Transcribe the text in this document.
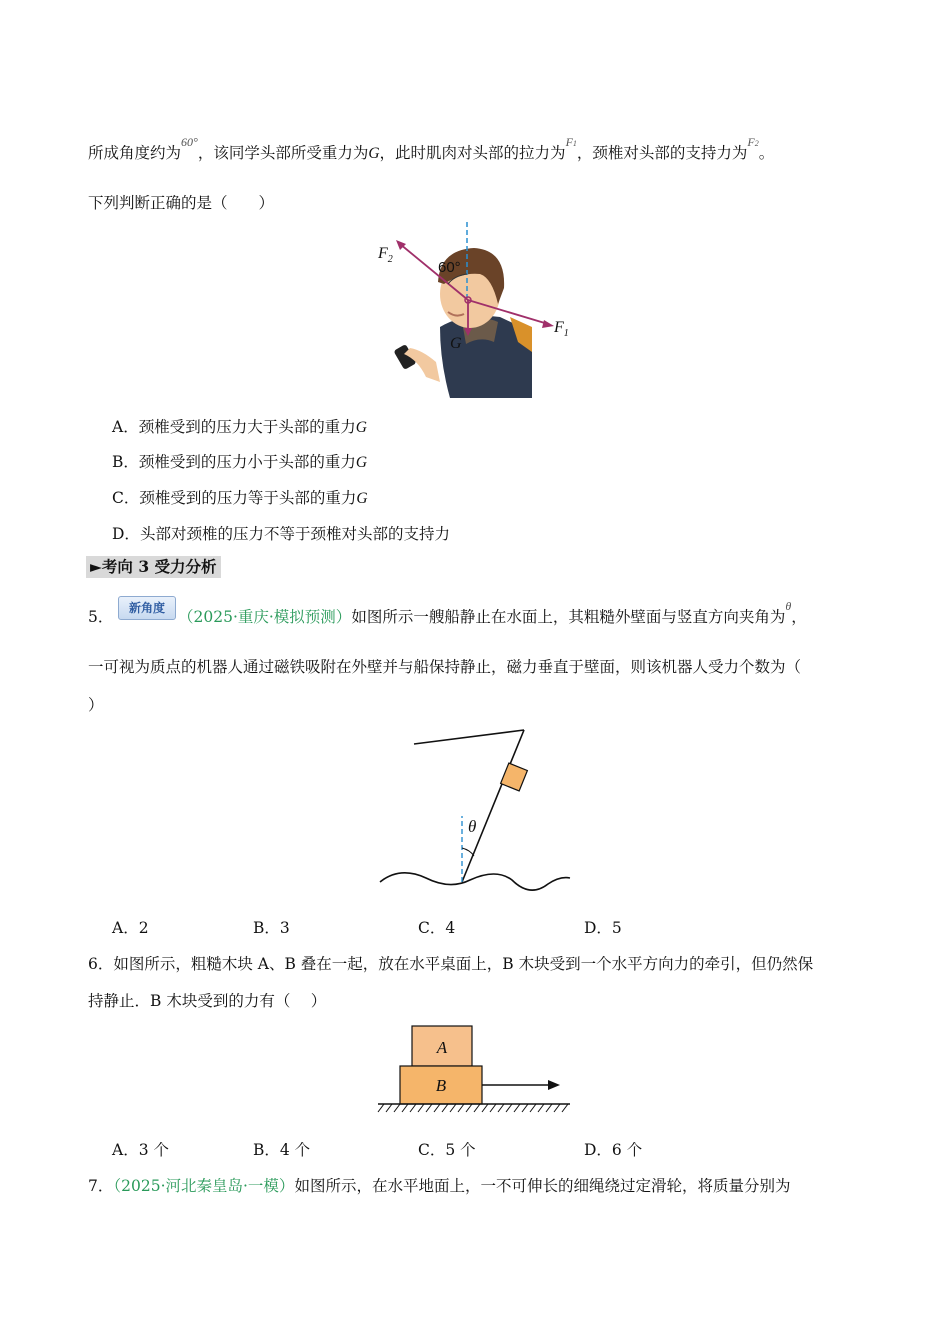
所成角度约为$^{60^\circ}$，该同学头部所受重力为G，此时肌肉对头部的拉力为$^{F1}$，颈椎对头部的支持力为$^{F2}$。
下列判断正确的是（　　）
60°
$F_2$
$F_1$
G
A．颈椎受到的压力大于头部的重力G
B．颈椎受到的压力小于头部的重力G
C．颈椎受到的压力等于头部的重力G
D．头部对颈椎的压力不等于颈椎对头部的支持力
►考向 3 受力分析
5．	新角度 （2025·重庆·模拟预测）如图所示一艘船静止在水面上，其粗糙外壁面与竖直方向夹角为$^\theta$，
一可视为质点的机器人通过磁铁吸附在外壁并与船保持静止，磁力垂直于壁面，则该机器人受力个数为（
）
θ
A．2	B．3	C．4	D．5
6．如图所示，粗糙木块 A、B 叠在一起，放在水平桌面上，B 木块受到一个水平方向力的牵引，但仍然保
持静止．B 木块受到的力有（　 ）
A
B
A．3 个	B．4 个	C．5 个	D．6 个
7．（2025·河北秦皇岛·一模）如图所示，在水平地面上，一不可伸长的细绳绕过定滑轮，将质量分别为
